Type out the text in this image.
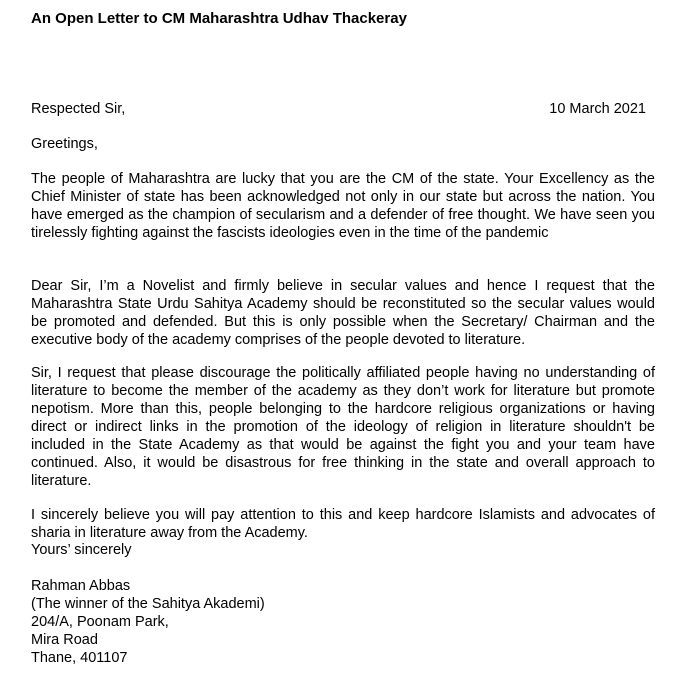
An Open Letter to CM Maharashtra Udhav Thackeray
Respected Sir,	10 March 2021
Greetings,

The people of Maharashtra are lucky that you are the CM of the state. Your Excellency as the Chief Minister of state has been acknowledged not only in our state but across the nation. You have emerged as the champion of secularism and a defender of free thought. We have seen you tirelessly fighting against the fascists ideologies even in the time of the pandemic

Dear Sir, I’m a Novelist and firmly believe in secular values and hence I request that the Maharashtra State Urdu Sahitya Academy should be reconstituted so the secular values would be promoted and defended. But this is only possible when the Secretary/ Chairman and the executive body of the academy comprises of the people devoted to literature.

Sir, I request that please discourage the politically affiliated people having no understanding of literature to become the member of the academy as they don’t work for literature but promote nepotism. More than this, people belonging to the hardcore religious organizations or having direct or indirect links in the promotion of the ideology of religion in literature shouldn't be included in the State Academy as that would be against the fight you and your team have continued. Also, it would be disastrous for free thinking in the state and overall approach to literature.

I sincerely believe you will pay attention to this and keep hardcore Islamists and advocates of sharia in literature away from the Academy.

Yours’ sincerely
Rahman Abbas
(The winner of the Sahitya Akademi)
204/A, Poonam Park,
Mira Road
Thane, 401107
